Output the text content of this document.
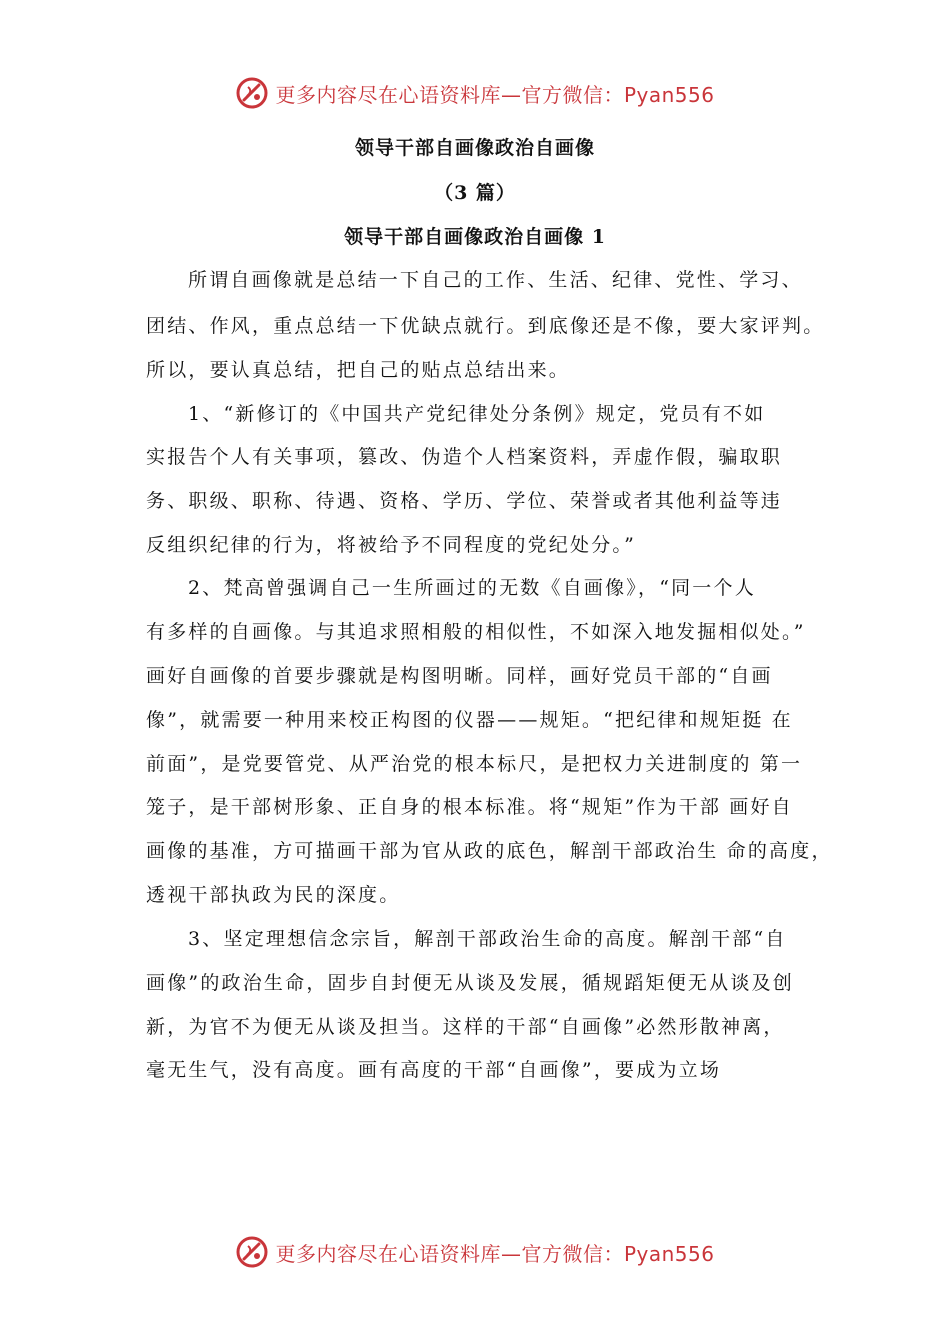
更多内容尽在心语资料库—官方微信：Pyan556
领导干部自画像政治自画像
（3 篇）
领导干部自画像政治自画像 1
所谓自画像就是总结一下自己的工作、生活、纪律、党性、学习、
团结、作风，重点总结一下优缺点就行。到底像还是不像，要大家评判。
所以，要认真总结，把自己的贴点总结出来。
1、“新修订的《中国共产党纪律处分条例》规定，党员有不如
实报告个人有关事项，篡改、伪造个人档案资料，弄虚作假，骗取职
务、职级、职称、待遇、资格、学历、学位、荣誉或者其他利益等违
反组织纪律的行为，将被给予不同程度的党纪处分。”
2、梵高曾强调自己一生所画过的无数《自画像》，“同一个人
有多样的自画像。与其追求照相般的相似性，不如深入地发掘相似处。”
画好自画像的首要步骤就是构图明晰。同样，画好党员干部的“自画
像”，就需要一种用来校正构图的仪器——规矩。“把纪律和规矩挺 在
前面”，是党要管党、从严治党的根本标尺，是把权力关进制度的 第一
笼子，是干部树形象、正自身的根本标准。将“规矩”作为干部 画好自
画像的基准，方可描画干部为官从政的底色，解剖干部政治生 命的高度，
透视干部执政为民的深度。
3、坚定理想信念宗旨，解剖干部政治生命的高度。解剖干部“自
画像”的政治生命，固步自封便无从谈及发展，循规蹈矩便无从谈及创
新，为官不为便无从谈及担当。这样的干部“自画像”必然形散神离，
毫无生气，没有高度。画有高度的干部“自画像”，要成为立场
更多内容尽在心语资料库—官方微信：Pyan556
